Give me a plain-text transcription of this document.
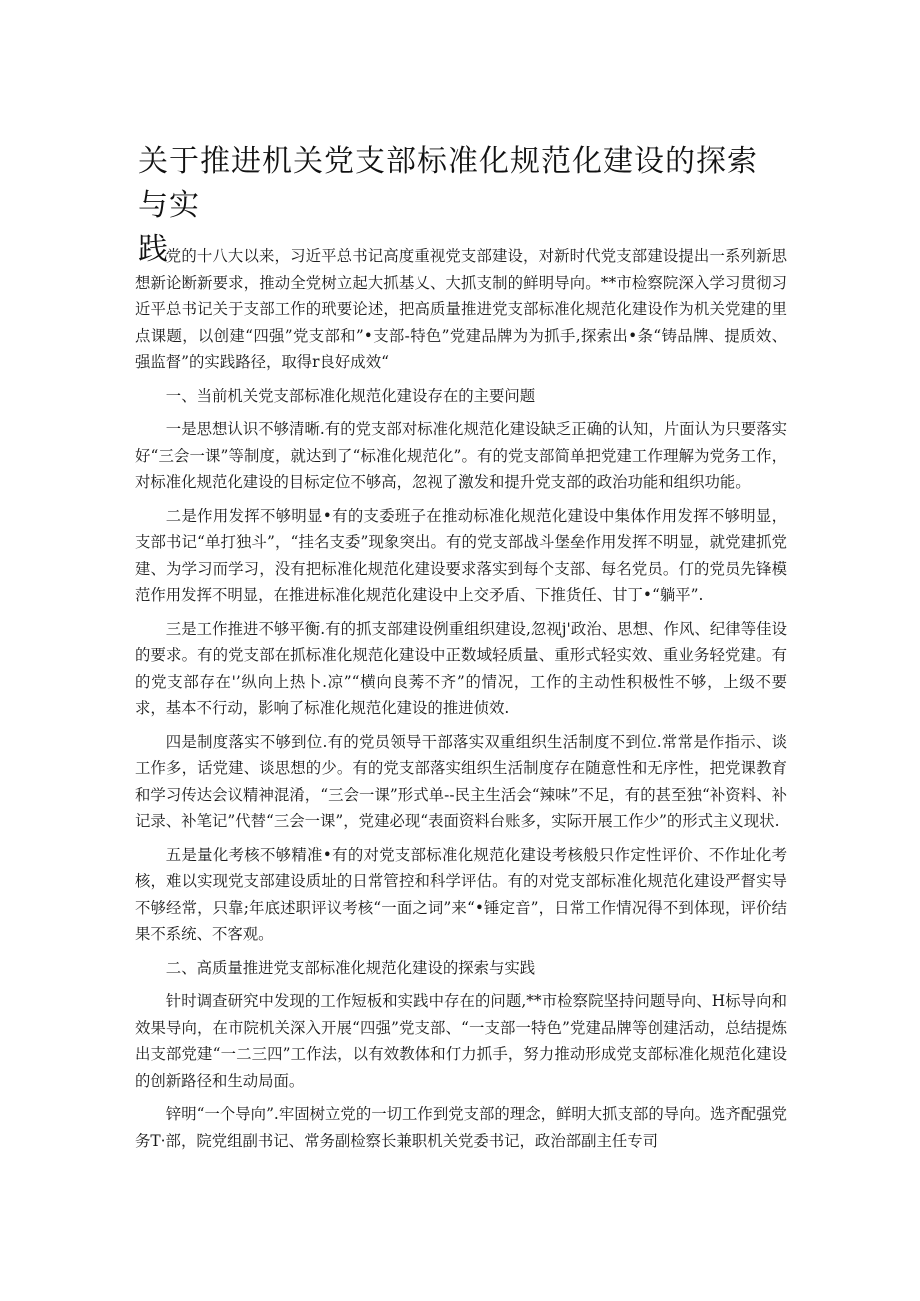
关于推进机关党支部标准化规范化建设的探索与实
践

党的十八大以来，习近平总书记高度重视党支部建设，对新时代党支部建设提出一系列新思想新论断新要求，推动全党树立起大抓基乂、大抓支制的鲜明导向。**市检察院深入学习贯彻习近平总书记关于支部工作的玳要论述，把高质量推进党支部标准化规范化建设作为机关党建的里点课题，以创建“四强”党支部和”•支部-特色”党建品牌为为抓手,探索出•条“铸品牌、提质效、强监督”的实践路径，取得r良好成效“

一、当前机关党支部标准化规范化建设存在的主要问题

一是思想认识不够清晰.有的党支部对标准化规范化建设缺乏正确的认知，片面认为只要落实好“三会一课”等制度，就达到了“标准化规范化”。有的党支部简单把党建工作理解为党务工作，对标准化规范化建设的目标定位不够高，忽视了激发和提升党支部的政治功能和组织功能。

二是作用发挥不够明显•有的支委班子在推动标准化规范化建设中集体作用发挥不够明显，支部书记“单打独斗”，“挂名支委”现象突出。有的党支部战斗堡垒作用发挥不明显，就党建抓党建、为学习而学习，没有把标准化规范化建设要求落实到每个支部、每名党员。仃的党员先锋模范作用发挥不明显，在推进标准化规范化建设中上交矛盾、下推货任、甘丁•“躺平”.

三是工作推进不够平衡.有的抓支部建设例重组织建设,忽视j'政治、思想、作风、纪律等佳设的要求。有的党支部在抓标准化规范化建设中正数域轻质量、重形式轻实效、重业务轻党建。有的党支部存在'’纵向上热卜.凉”“横向良莠不齐”的情况，工作的主动性积极性不够，上级不要求，基本不行动，影响了标准化规范化建设的推进侦效.

四是制度落实不够到位.有的党员领导干部落实双重组织生活制度不到位.常常是作指示、谈工作多，话党建、谈思想的少。有的党支部落实组织生活制度存在随意性和无序性，把党课教育和学习传达会议精神混淆，“三会一课”形式单--民主生活会“辣味”不足，有的甚至独“补资料、补记录、补笔记”代替“三会一课”，党建必现“表面资料台账多，实际开展工作少”的形式主义现状.

五是量化考核不够精准•有的对党支部标准化规范化建设考核般只作定性评价、不作址化考核，难以实现党支部建设质址的日常管控和科学评估。有的对党支部标准化规范化建设严督实导不够经常，只靠;年底述职评议考核“一面之词”来“•锤定音”，日常工作情况得不到体现，评价结果不系统、不客观。

二、高质量推进党支部标准化规范化建设的探索与实践

针时调查研究中发现的工作短板和实践中存在的问题,**市检察院坚持问题导向、H标导向和效果导向，在市院机关深入开展“四强”党支部、“一支部一特色”党建品牌等创建活动，总结提炼出支部党建“一二三四”工作法，以有效教体和仃力抓手，努力推动形成党支部标准化规范化建设的创新路径和生动局面。

锌明“一个导向”.牢固树立党的一切工作到党支部的理念，鲜明大抓支部的导向。选齐配强党务T·部，院党组副书记、常务副检察长兼职机关党委书记，政治部副主任专司
